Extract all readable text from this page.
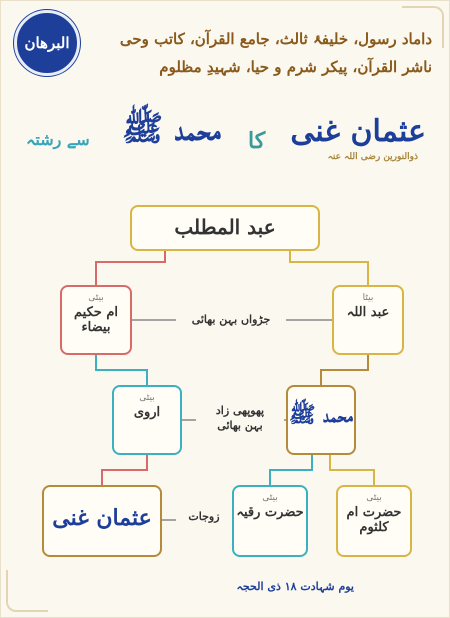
البرهان	داماد رسول، خلیفۂ ثالث، جامع القرآن، کاتب وحی
ناشر القرآن، پیکر شرم و حیا، شہیدِ مظلوم
عثمان غنی
ذوالنورین رضی اللہ عنہ
کا
محمد ﷺ
سے رشتہ
عبد المطلب
بیٹا
عبد اللہ
بیٹی
ام حکیم بیضاء
جڑواں بہن بھائی
محمد ﷺ
بیٹی
اروی	پھوپھی زاد
بہن بھائی
عثمان غنی	زوجات
بیٹی
حضرت رقیہ
بیٹی
حضرت ام کلثوم
یوم شہادت ۱۸ ذی الحجہ
